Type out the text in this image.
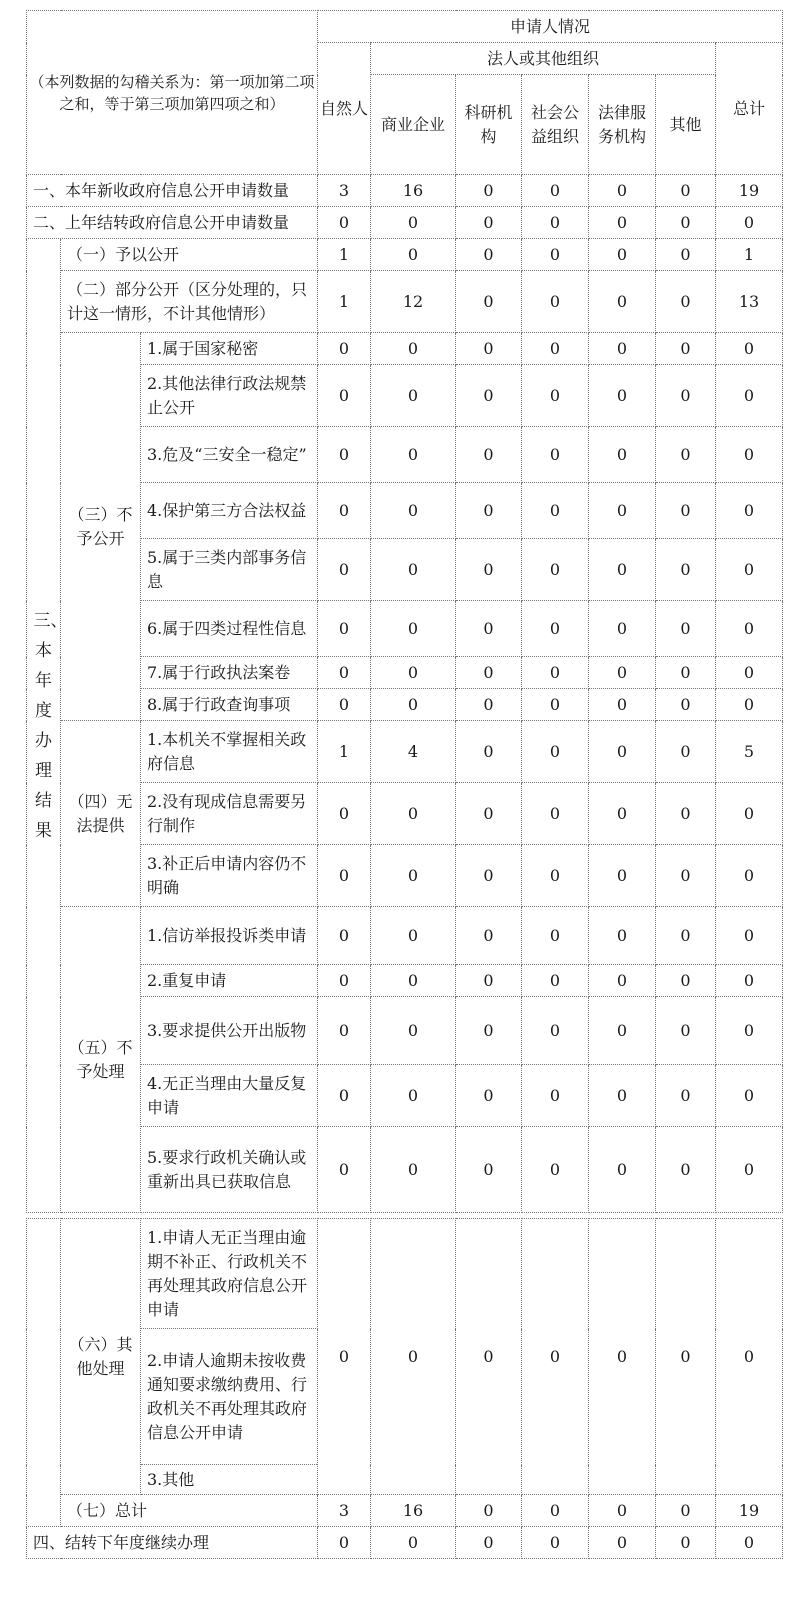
（本列数据的勾稽关系为：第一项加第二项之和，等于第三项加第四项之和）			申请人情况						
			自然人	法人或其他组织					总计
				商业企业	科研机构	社会公益组织	法律服务机构	其他	
一、本年新收政府信息公开申请数量			3	16	0	0	0	0	19
二、上年结转政府信息公开申请数量			0	0	0	0	0	0	0

三、本年度办理结果	（一）予以公开		1	0	0	0	0	0	1
	（二）部分公开（区分处理的，只计这一情形，不计其他情形）		1	12	0	0	0	0	13
	（三）不予公开	1.属于国家秘密	0	0	0	0	0	0	0
		2.其他法律行政法规禁止公开	0	0	0	0	0	0	0
		3.危及“三安全一稳定”	0	0	0	0	0	0	0
		4.保护第三方合法权益	0	0	0	0	0	0	0
		5.属于三类内部事务信息	0	0	0	0	0	0	0
		6.属于四类过程性信息	0	0	0	0	0	0	0
		7.属于行政执法案卷	0	0	0	0	0	0	0
		8.属于行政查询事项	0	0	0	0	0	0	0
	（四）无法提供	1.本机关不掌握相关政府信息	1	4	0	0	0	0	5
		2.没有现成信息需要另行制作	0	0	0	0	0	0	0
		3.补正后申请内容仍不明确	0	0	0	0	0	0	0
	（五）不予处理	1.信访举报投诉类申请	0	0	0	0	0	0	0
		2.重复申请	0	0	0	0	0	0	0
		3.要求提供公开出版物	0	0	0	0	0	0	0
		4.无正当理由大量反复申请	0	0	0	0	0	0	0
		5.要求行政机关确认或重新出具已获取信息	0	0	0	0	0	0	0
	（六）其他处理	1.申请人无正当理由逾期不补正、行政机关不再处理其政府信息公开申请	0	0	0	0	0	0	0
		2.申请人逾期未按收费通知要求缴纳费用、行政机关不再处理其政府信息公开申请							
		3.其他							
	（七）总计		3	16	0	0	0	0	19
四、结转下年度继续办理			0	0	0	0	0	0	0
